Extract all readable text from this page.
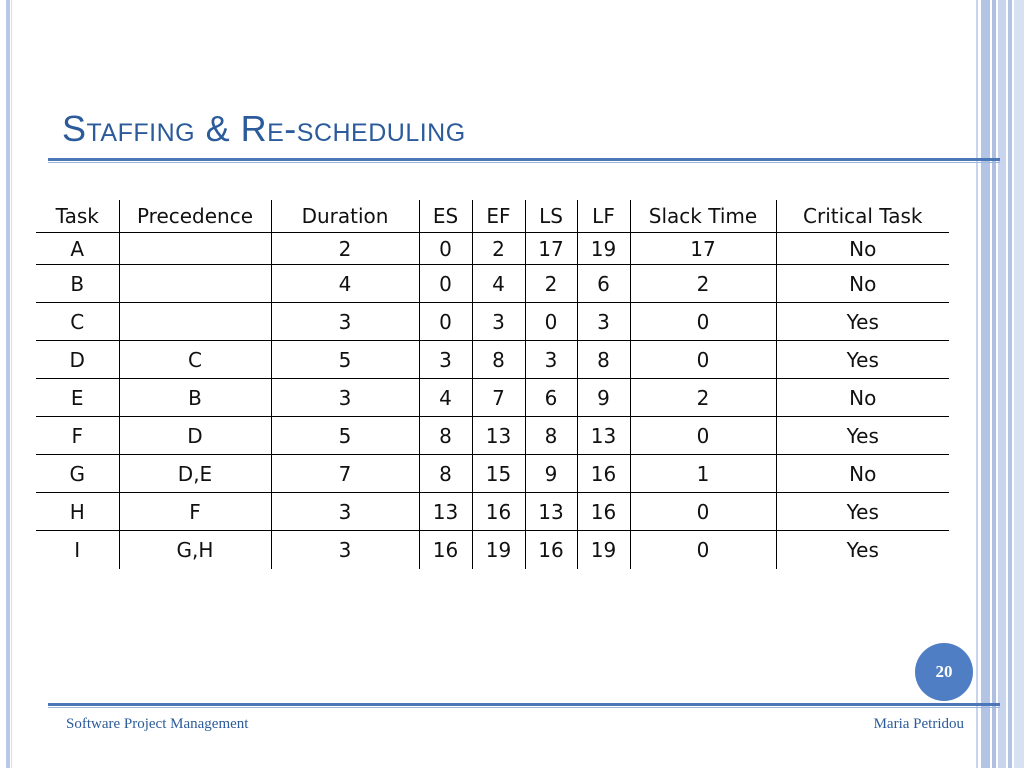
Staffing & Re-scheduling
Task	Precedence	Duration	ES	EF	LS	LF	Slack Time	Critical Task
A		2	0	2	17	19	17	No
B		4	0	4	2	6	2	No
C		3	0	3	0	3	0	Yes
D	C	5	3	8	3	8	0	Yes
E	B	3	4	7	6	9	2	No
F	D	5	8	13	8	13	0	Yes
G	D,E	7	8	15	9	16	1	No
H	F	3	13	16	13	16	0	Yes
I	G,H	3	16	19	16	19	0	Yes
20
Software Project Management	Maria Petridou
